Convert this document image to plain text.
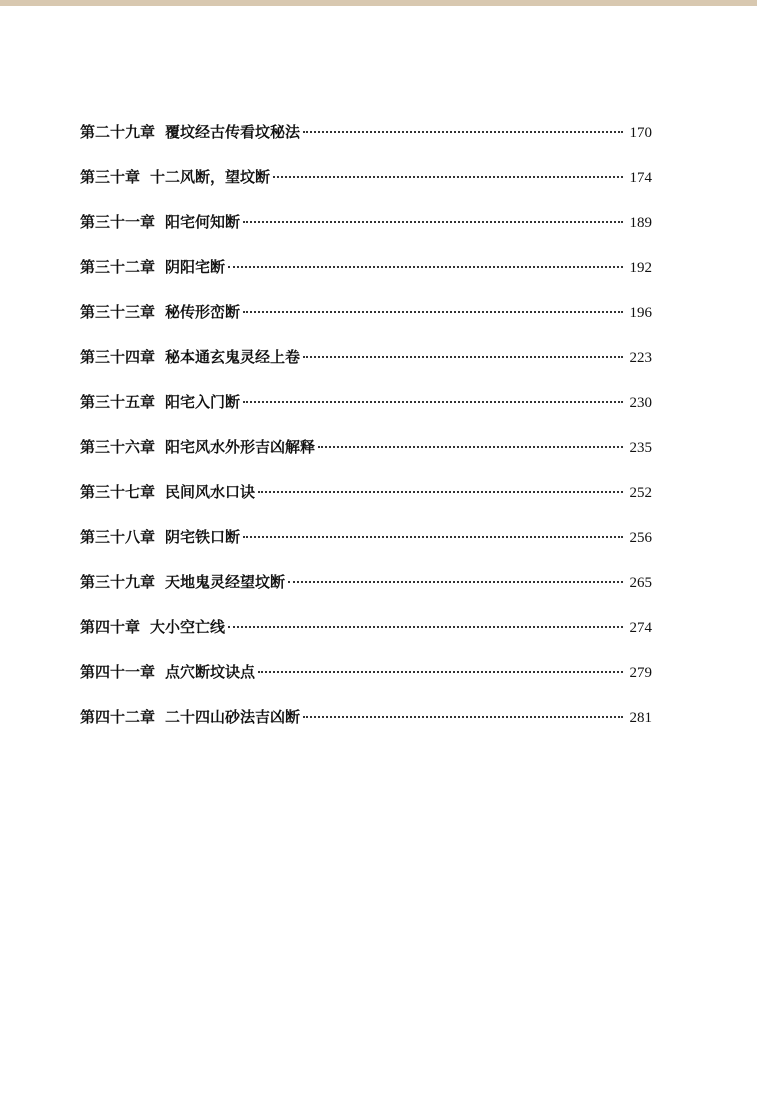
第二十九章 覆坟经古传看坟秘法	170
第三十章 十二风断，望坟断	174
第三十一章 阳宅何知断	189
第三十二章 阴阳宅断	192
第三十三章 秘传形峦断	196
第三十四章 秘本通玄鬼灵经上卷	223
第三十五章 阳宅入门断	230
第三十六章 阳宅风水外形吉凶解释	235
第三十七章 民间风水口诀	252
第三十八章 阴宅铁口断	256
第三十九章 天地鬼灵经望坟断	265
第四十章 大小空亡线	274
第四十一章 点穴断坟诀点	279
第四十二章 二十四山砂法吉凶断	281
